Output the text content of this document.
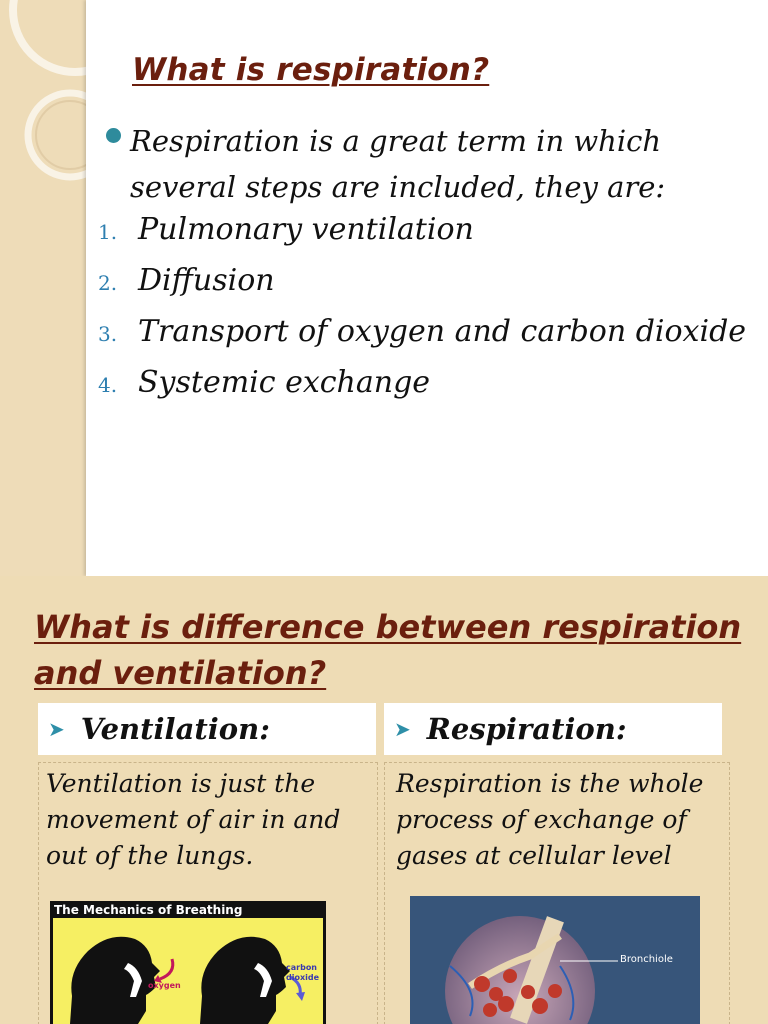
What is respiration?
Respiration is a great term in which several steps are included, they are:
1. Pulmonary ventilation
2. Diffusion
3. Transport of oxygen and carbon dioxide
4. Systemic exchange
What is difference between respiration and ventilation?
➤ Ventilation:	➤ Respiration:
Ventilation is just the movement of air in and out of the lungs.
Respiration is the whole process of exchange of gases at cellular level
The Mechanics of Breathing
oxygen
carbon dioxide
Bronchiole
